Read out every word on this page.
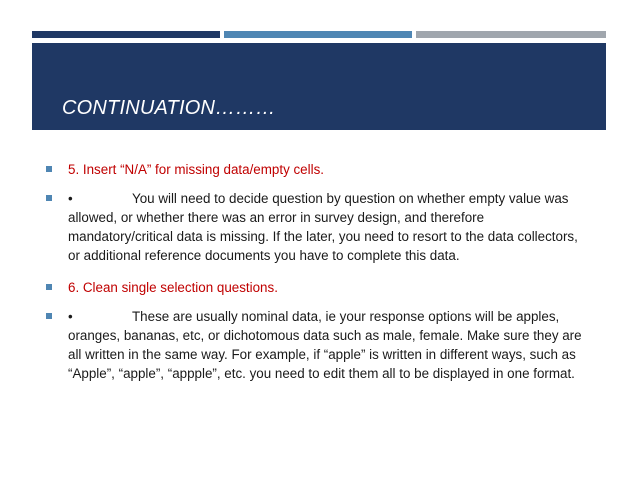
CONTINUATION………
5. Insert “N/A” for missing data/empty cells.
•	You will need to decide question by question on whether empty value was allowed, or whether there was an error in survey design, and therefore mandatory/critical data is missing. If the later, you need to resort to the data collectors, or additional reference documents you have to complete this data.
6. Clean single selection questions.
•	These are usually nominal data, ie your response options will be apples, oranges, bananas, etc, or dichotomous data such as male, female. Make sure they are all written in the same way. For example, if “apple” is written in different ways, such as “Apple”, “apple”, “appple”, etc. you need to edit them all to be displayed in one format.
